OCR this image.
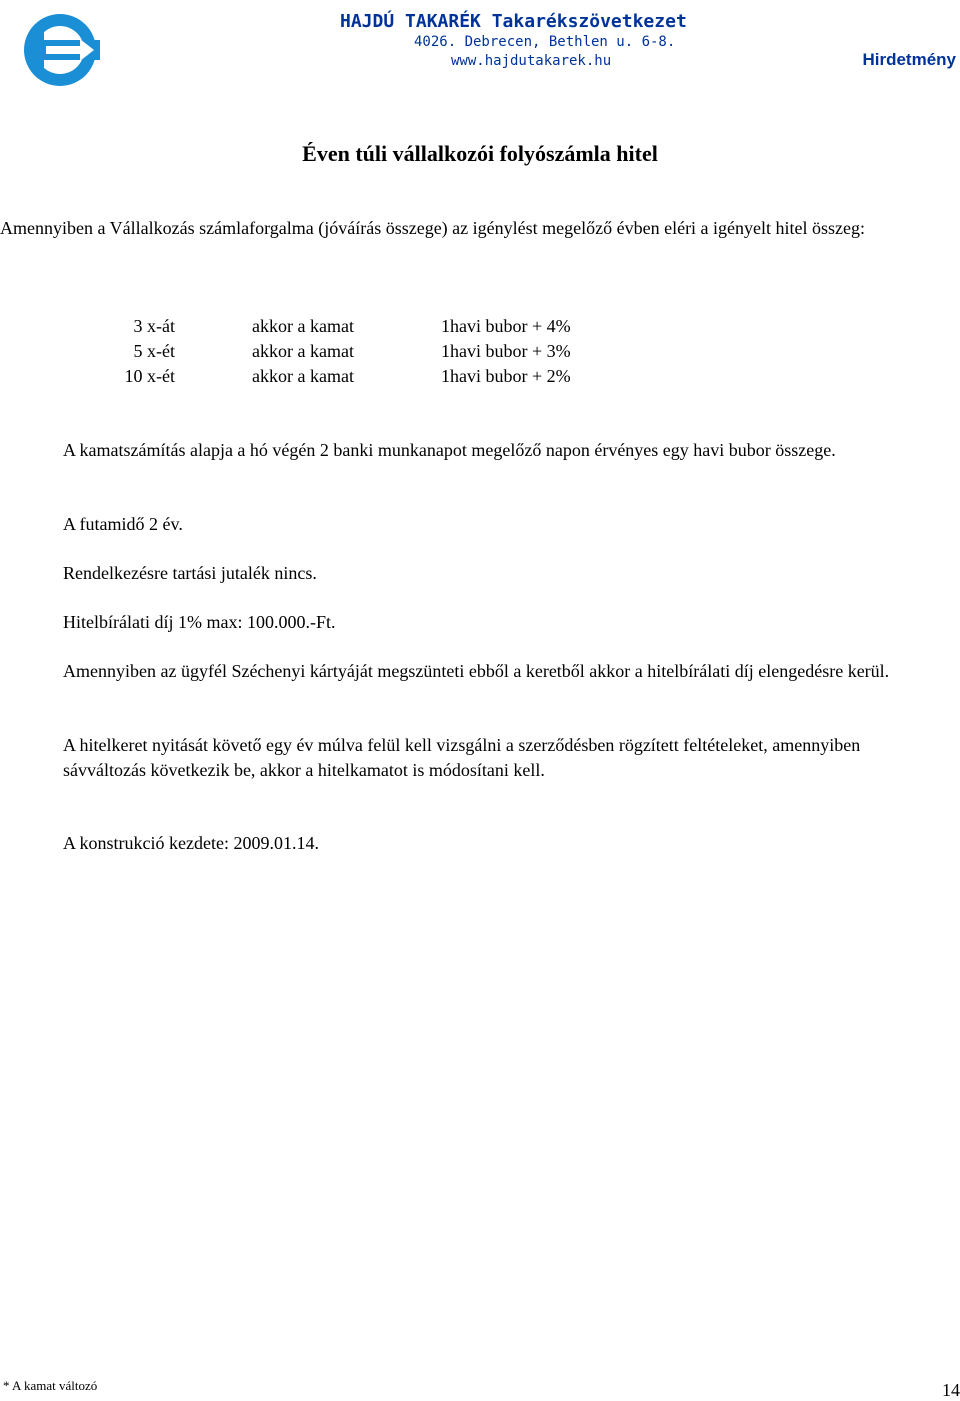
HAJDÚ TAKARÉK Takarékszövetkezet
4026. Debrecen, Bethlen u. 6-8.
www.hajdutakarek.hu	Hirdetmény
Éven túli vállalkozói folyószámla hitel
Amennyiben a Vállalkozás számlaforgalma (jóváírás összege) az igénylést megelőző évben eléri a igényelt hitel összeg:
3 x-át	akkor a kamat	1havi bubor + 4%
5 x-ét	akkor a kamat	1havi bubor + 3%
10 x-ét	akkor a kamat	1havi bubor + 2%
A kamatszámítás alapja a hó végén 2 banki munkanapot megelőző napon érvényes egy havi bubor összege.
A futamidő 2 év.
Rendelkezésre tartási jutalék nincs.
Hitelbírálati díj 1% max: 100.000.-Ft.
Amennyiben az ügyfél Széchenyi kártyáját megszünteti ebből a keretből akkor a hitelbírálati díj elengedésre kerül.
A hitelkeret nyitását követő egy év múlva felül kell vizsgálni a szerződésben rögzített feltételeket, amennyiben sávváltozás következik be, akkor a hitelkamatot is módosítani kell.
A konstrukció kezdete: 2009.01.14.
* A kamat változó	14
